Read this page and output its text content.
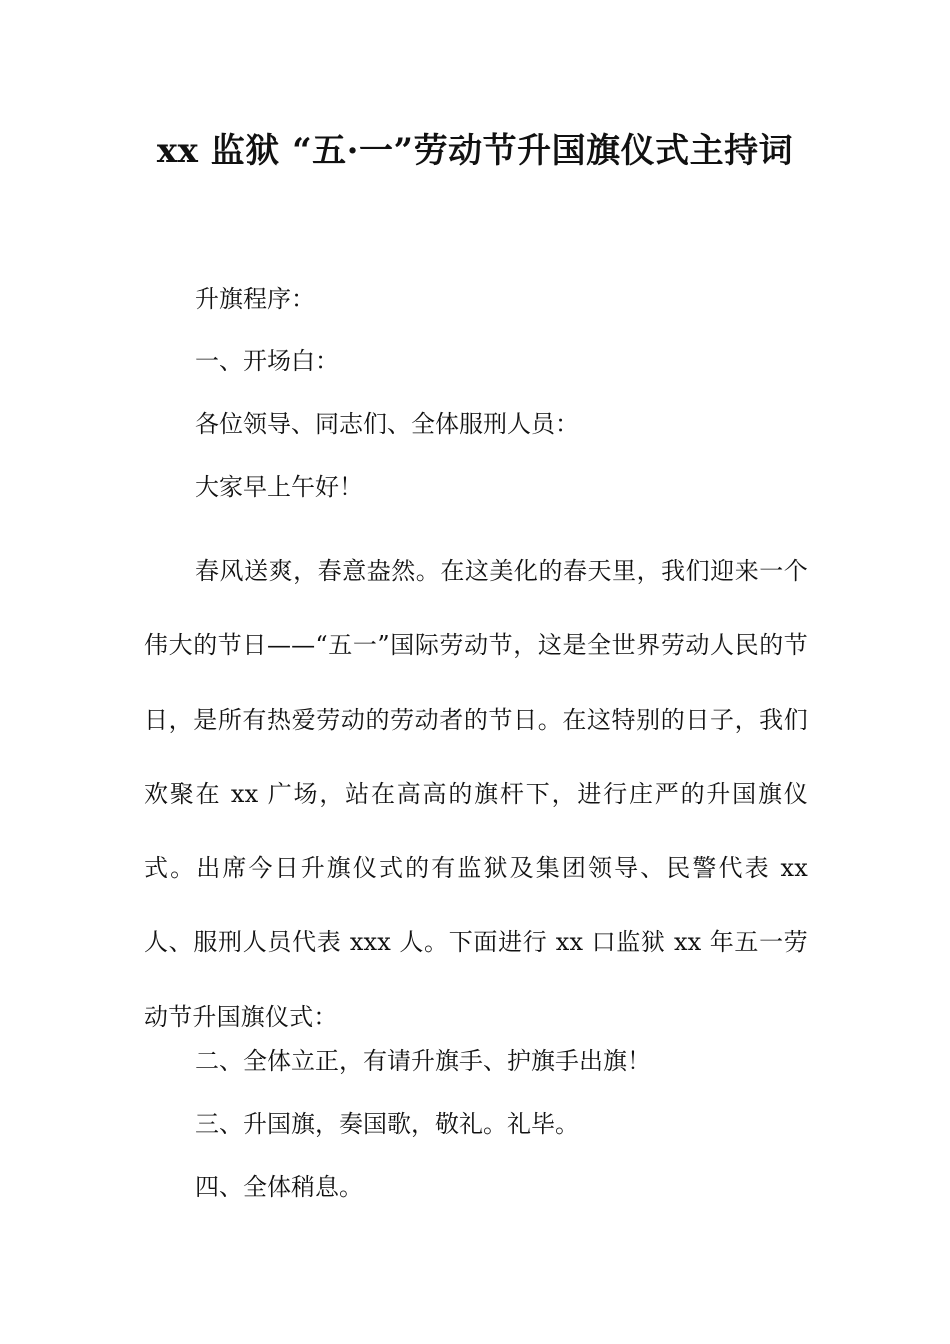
xx 监狱 “五·一”劳动节升国旗仪式主持词
升旗程序：
一、开场白：
各位领导、同志们、全体服刑人员：
大家早上午好！
春风送爽，春意盎然。在这美化的春天里，我们迎来一个伟大的节日——“五一”国际劳动节，这是全世界劳动人民的节日，是所有热爱劳动的劳动者的节日。在这特别的日子，我们欢聚在 xx 广场，站在高高的旗杆下，进行庄严的升国旗仪式。出席今日升旗仪式的有监狱及集团领导、民警代表 xx 人、服刑人员代表 xxx 人。下面进行 xx 口监狱 xx 年五一劳动节升国旗仪式：
二、全体立正，有请升旗手、护旗手出旗！
三、升国旗，奏国歌，敬礼。礼毕。
四、全体稍息。
